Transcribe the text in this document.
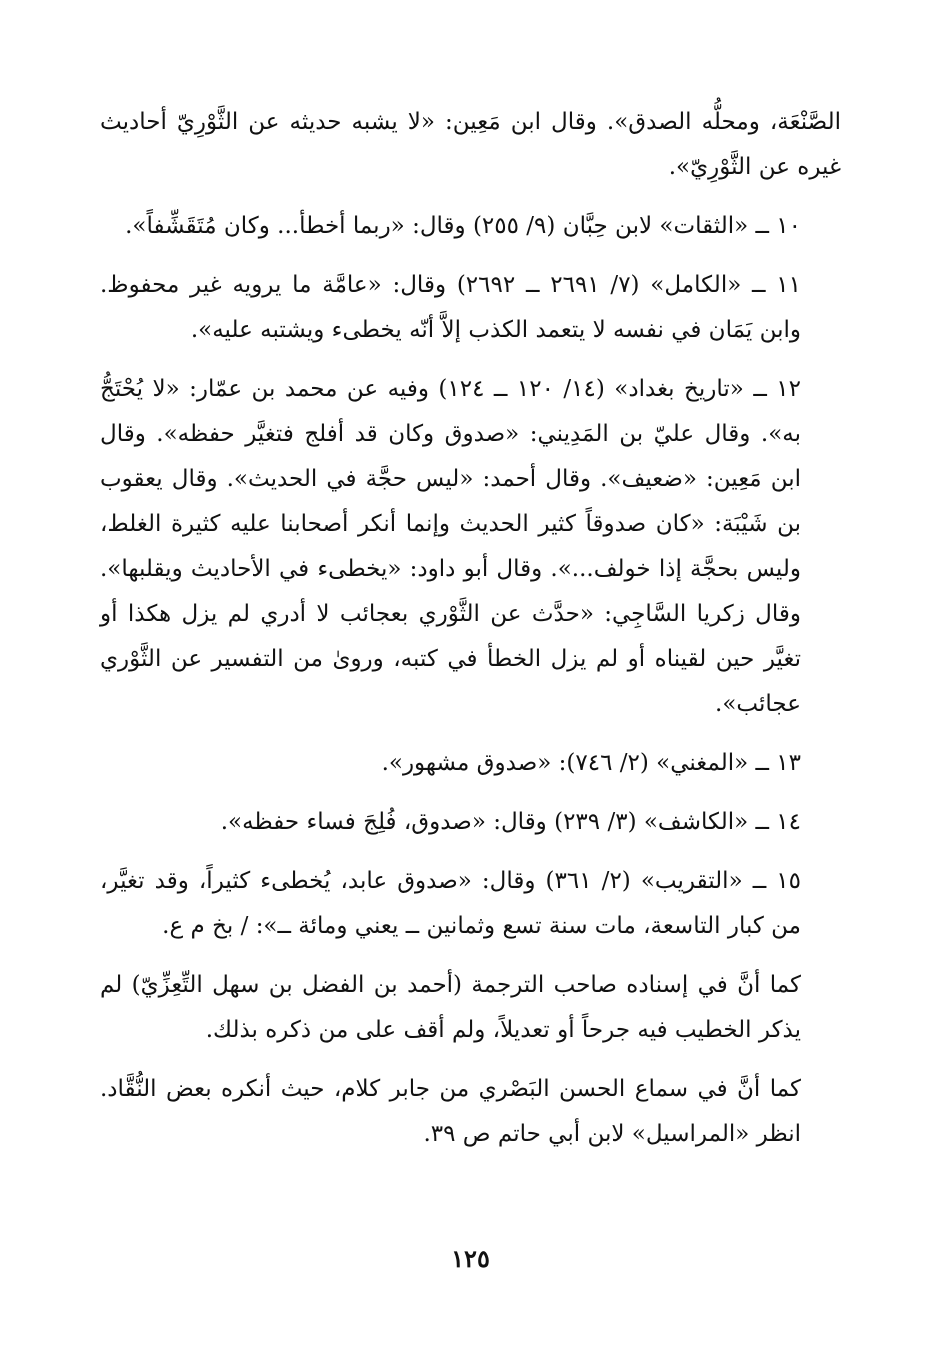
الصَّنْعَة، ومحلُّه الصدق». وقال ابن مَعِين: «لا يشبه حديثه عن الثَّوْرِيّ أحاديث غيره عن الثَّوْرِيّ».

١٠ ــ «الثقات» لابن حِبَّان (٩/ ٢٥٥) وقال: «ربما أخطأ... وكان مُتَقَشِّفاً».

١١ ــ «الكامل» (٧/ ٢٦٩١ ــ ٢٦٩٢) وقال: «عامَّة ما يرويه غير محفوظ. وابن يَمَان في نفسه لا يتعمد الكذب إلاَّ أنّه يخطىء ويشتبه عليه».

١٢ ــ «تاريخ بغداد» (١٤/ ١٢٠ ــ ١٢٤) وفيه عن محمد بن عمّار: «لا يُحْتَجُّ به». وقال عليّ بن المَدِيني: «صدوق وكان قد أفلج فتغيَّر حفظه». وقال ابن مَعِين: «ضعيف». وقال أحمد: «ليس حجَّة في الحديث». وقال يعقوب بن شَيْبَة: «كان صدوقاً كثير الحديث وإنما أنكر أصحابنا عليه كثيرة الغلط، وليس بحجَّة إذا خولف...». وقال أبو داود: «يخطىء في الأحاديث ويقلبها». وقال زكريا السَّاجِي: «حدَّث عن الثَّوْري بعجائب لا أدري لم يزل هكذا أو تغيَّر حين لقيناه أو لم يزل الخطأ في كتبه، وروىٰ من التفسير عن الثَّوْري عجائب».

١٣ ــ «المغني» (٢/ ٧٤٦): «صدوق مشهور».

١٤ ــ «الكاشف» (٣/ ٢٣٩) وقال: «صدوق، فُلِجَ فساء حفظه».

١٥ ــ «التقريب» (٢/ ٣٦١) وقال: «صدوق عابد، يُخطىء كثيراً، وقد تغيَّر، من كبار التاسعة، مات سنة تسع وثمانين ــ يعني ومائة ــ»: / بخ م ع.

كما أنَّ في إسناده صاحب الترجمة (أحمد بن الفضل بن سهل التِّعِزِّيّ) لم يذكر الخطيب فيه جرحاً أو تعديلاً، ولم أقف على من ذكره بذلك.

كما أنَّ في سماع الحسن البَصْري من جابر كلام، حيث أنكره بعض النُّقَّاد. انظر «المراسيل» لابن أبي حاتم ص ٣٩.

١٢٥
